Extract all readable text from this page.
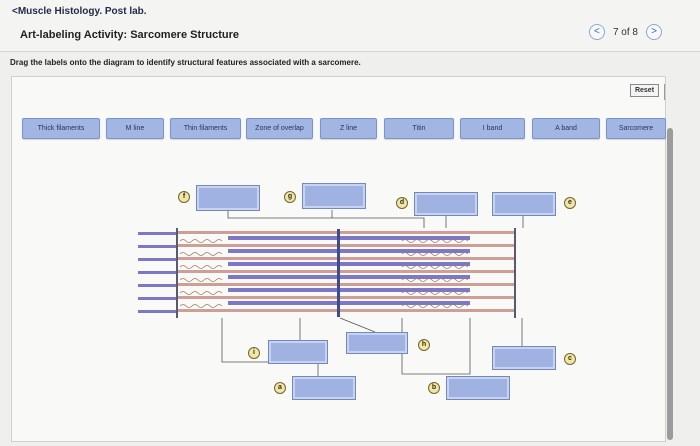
<Muscle Histology. Post lab.
Art-labeling Activity: Sarcomere Structure	<	7 of 8	>
Drag the labels onto the diagram to identify structural features associated with a sarcomere.
Reset
Thick filaments	M line	Thin filaments	Zone of overlap	Z line	Titin	I band	A band	Sarcomere
f	g
d	e
i
h
c
a	b
